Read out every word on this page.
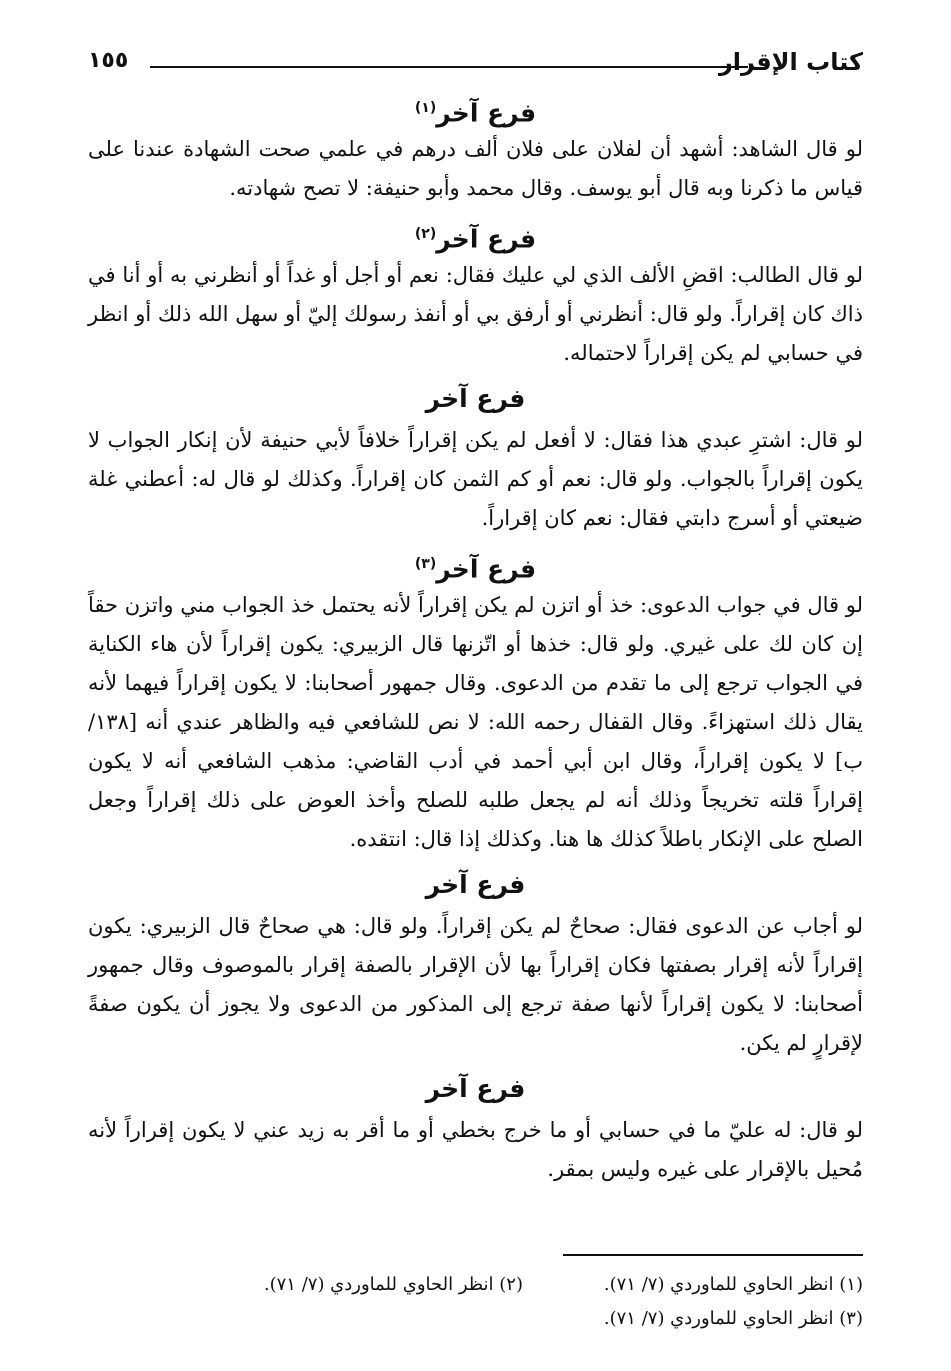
كتاب الإقرار
١٥٥
فرع آخر$^{(١)}$

لو قال الشاهد: أشهد أن لفلان على فلان ألف درهم في علمي صحت الشهادة عندنا على قياس ما ذكرنا وبه قال أبو يوسف. وقال محمد وأبو حنيفة: لا تصح شهادته.

فرع آخر$^{(٢)}$

لو قال الطالب: اقضِ الألف الذي لي عليك فقال: نعم أو أجل أو غداً أو أنظرني به أو أنا في ذاك كان إقراراً. ولو قال: أنظرني أو أرفق بي أو أنفذ رسولك إليّ أو سهل الله ذلك أو انظر في حسابي لم يكن إقراراً لاحتماله.

فرع آخر

لو قال: اشترِ عبدي هذا فقال: لا أفعل لم يكن إقراراً خلافاً لأبي حنيفة لأن إنكار الجواب لا يكون إقراراً بالجواب. ولو قال: نعم أو كم الثمن كان إقراراً. وكذلك لو قال له: أعطني غلة ضيعتي أو أسرج دابتي فقال: نعم كان إقراراً.

فرع آخر$^{(٣)}$

لو قال في جواب الدعوى: خذ أو اتزن لم يكن إقراراً لأنه يحتمل خذ الجواب مني واتزن حقاً إن كان لك على غيري. ولو قال: خذها أو اتّزنها قال الزبيري: يكون إقراراً لأن هاء الكناية في الجواب ترجع إلى ما تقدم من الدعوى. وقال جمهور أصحابنا: لا يكون إقراراً فيهما لأنه يقال ذلك استهزاءً. وقال القفال رحمه الله: لا نص للشافعي فيه والظاهر عندي أنه [١٣٨/ب] لا يكون إقراراً، وقال ابن أبي أحمد في أدب القاضي: مذهب الشافعي أنه لا يكون إقراراً قلته تخريجاً وذلك أنه لم يجعل طلبه للصلح وأخذ العوض على ذلك إقراراً وجعل الصلح على الإنكار باطلاً كذلك ها هنا. وكذلك إذا قال: انتقده.

فرع آخر

لو أجاب عن الدعوى فقال: صحاحٌ لم يكن إقراراً. ولو قال: هي صحاحٌ قال الزبيري: يكون إقراراً لأنه إقرار بصفتها فكان إقراراً بها لأن الإقرار بالصفة إقرار بالموصوف وقال جمهور أصحابنا: لا يكون إقراراً لأنها صفة ترجع إلى المذكور من الدعوى ولا يجوز أن يكون صفةً لإقرارٍ لم يكن.

فرع آخر

لو قال: له عليّ ما في حسابي أو ما خرج بخطي أو ما أقر به زيد عني لا يكون إقراراً لأنه مُحيل بالإقرار على غيره وليس بمقر.

(١) انظر الحاوي للماوردي (٧/ ٧١).
(٢) انظر الحاوي للماوردي (٧/ ٧١).
(٣) انظر الحاوي للماوردي (٧/ ٧١).
